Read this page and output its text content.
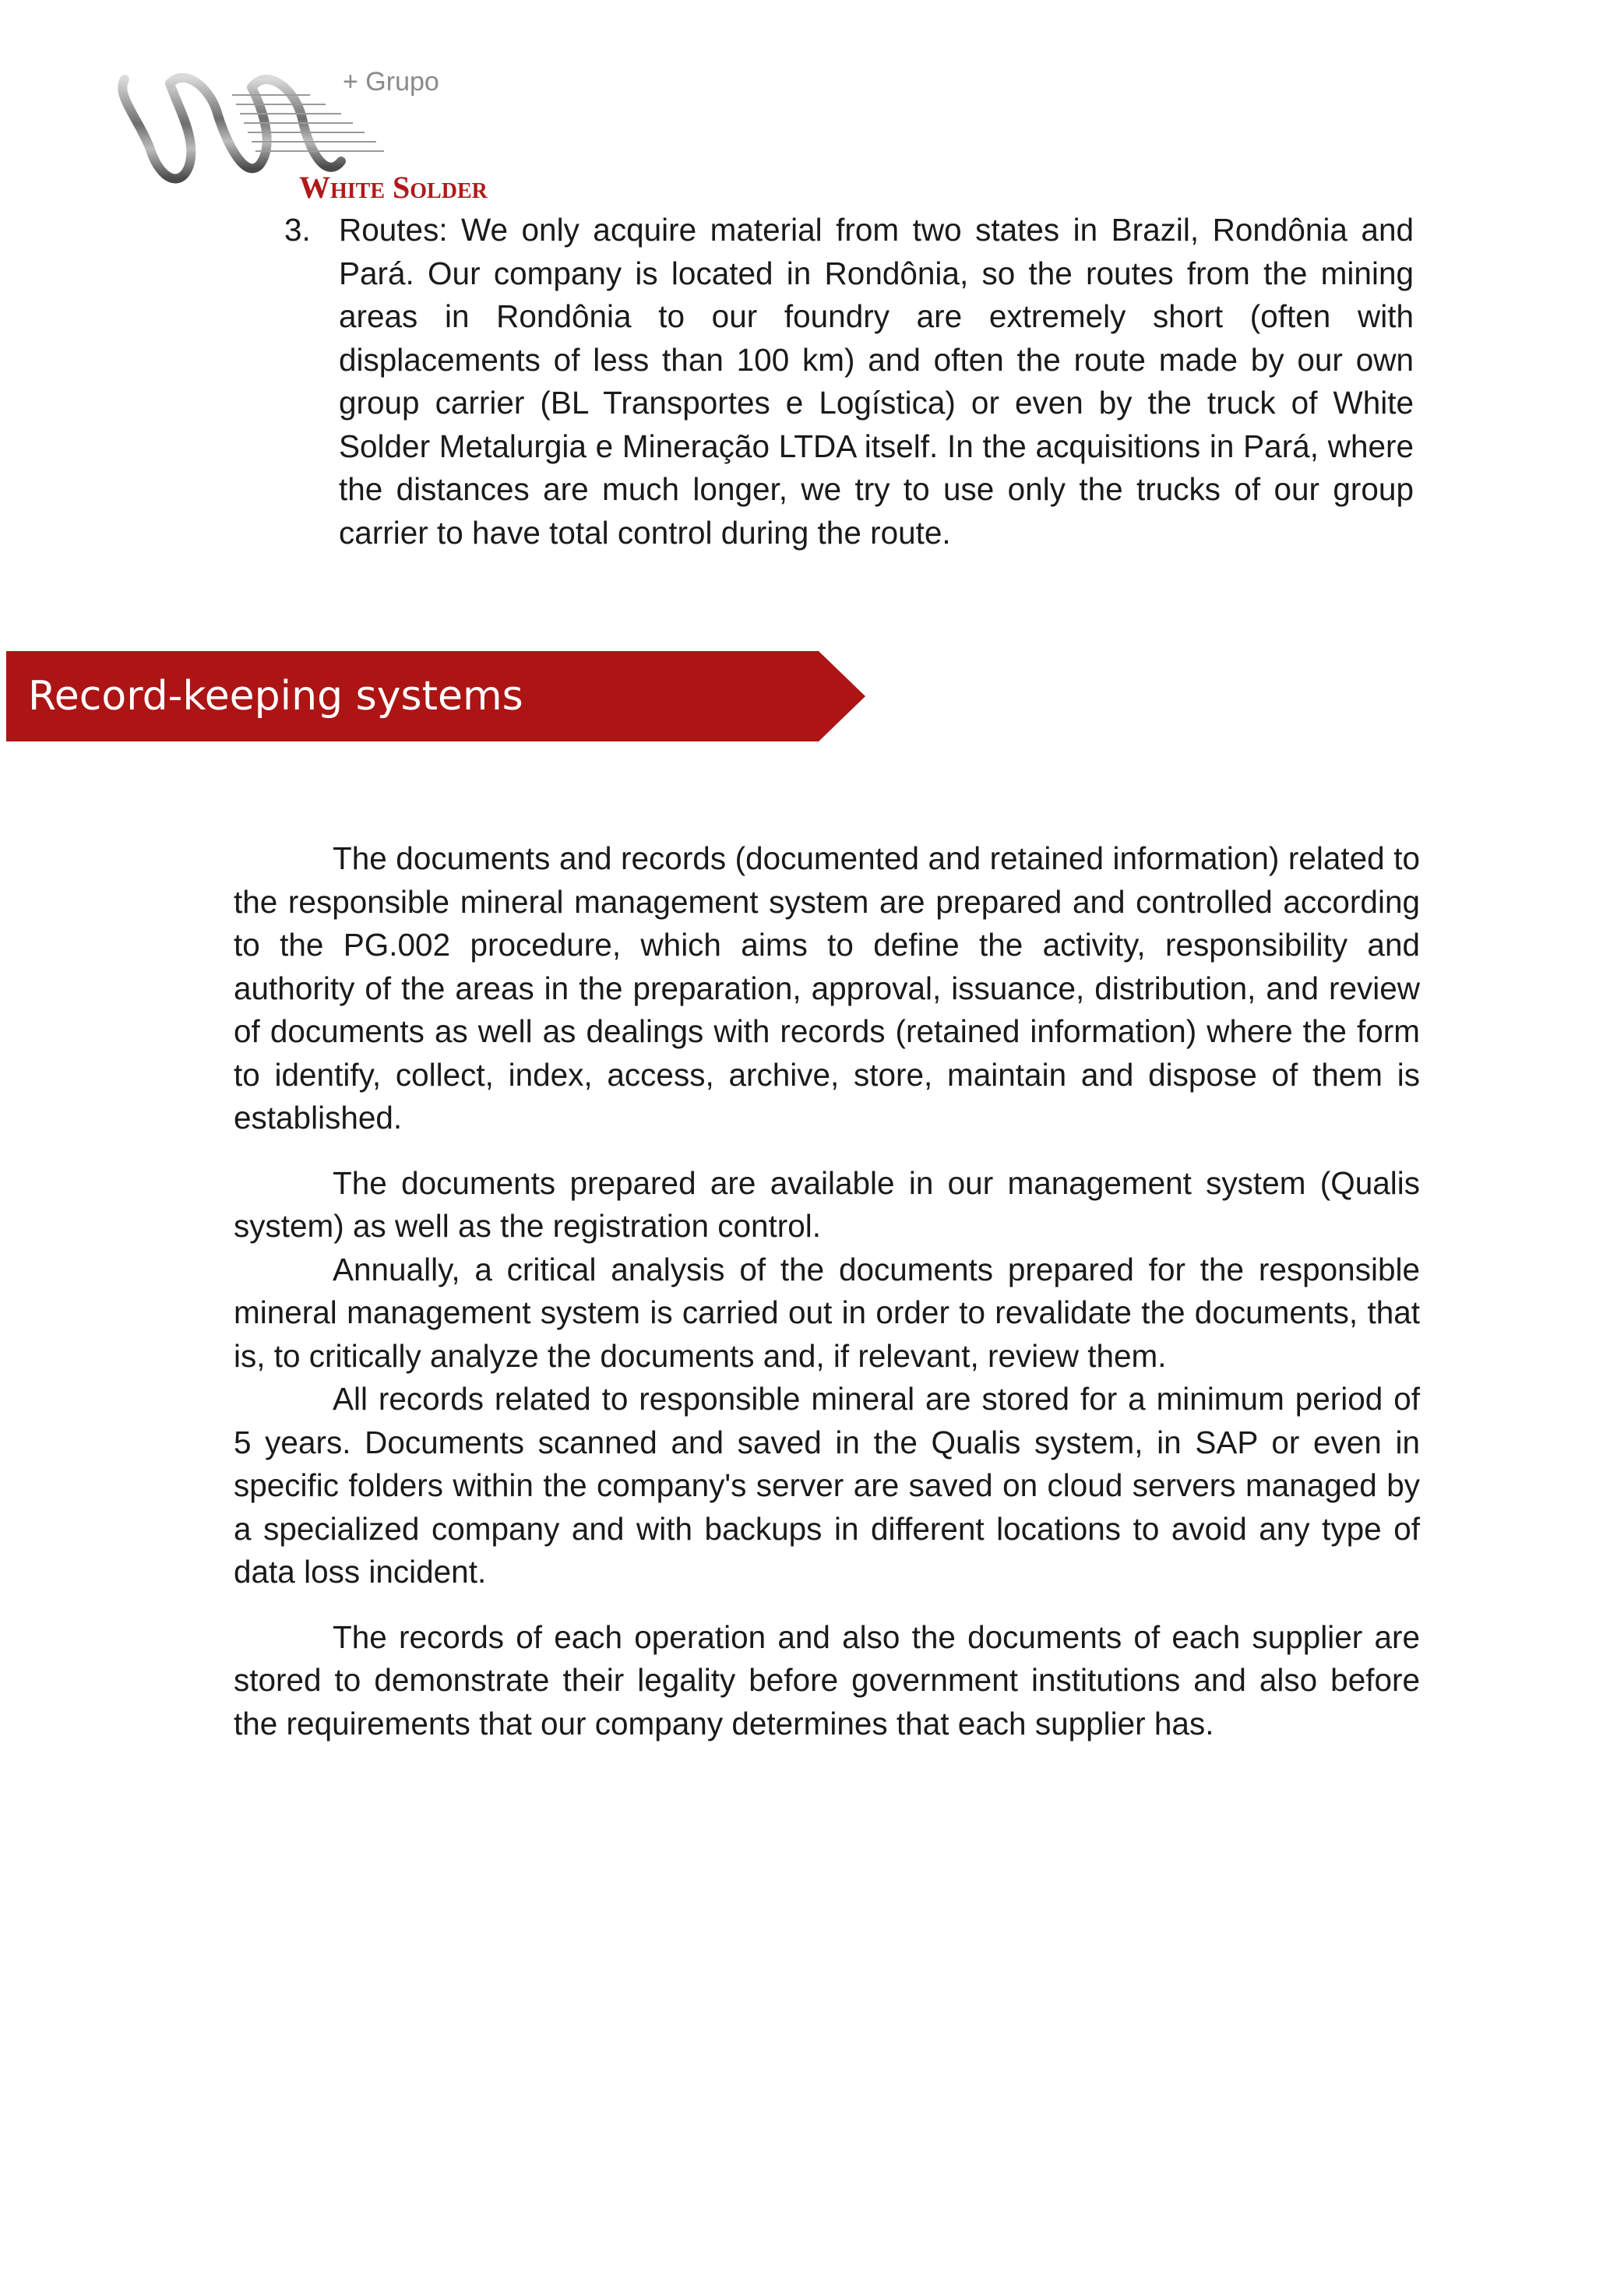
+ Grupo
White Solder
3. Routes: We only acquire material from two states in Brazil, Rondônia and Pará. Our company is located in Rondônia, so the routes from the mining areas in Rondônia to our foundry are extremely short (often with displacements of less than 100 km) and often the route made by our own group carrier (BL Transportes e Logística) or even by the truck of White Solder Metalurgia e Mineração LTDA itself. In the acquisitions in Pará, where the distances are much longer, we try to use only the trucks of our group carrier to have total control during the route.
Record-keeping systems

The documents and records (documented and retained information) related to the responsible mineral management system are prepared and controlled according to the PG.002 procedure, which aims to define the activity, responsibility and authority of the areas in the preparation, approval, issuance, distribution, and review of documents as well as dealings with records (retained information) where the form to identify, collect, index, access, archive, store, maintain and dispose of them is established.

The documents prepared are available in our management system (Qualis system) as well as the registration control.

Annually, a critical analysis of the documents prepared for the responsible mineral management system is carried out in order to revalidate the documents, that is, to critically analyze the documents and, if relevant, review them.

All records related to responsible mineral are stored for a minimum period of 5 years. Documents scanned and saved in the Qualis system, in SAP or even in specific folders within the company's server are saved on cloud servers managed by a specialized company and with backups in different locations to avoid any type of data loss incident.

The records of each operation and also the documents of each supplier are stored to demonstrate their legality before government institutions and also before the requirements that our company determines that each supplier has.
